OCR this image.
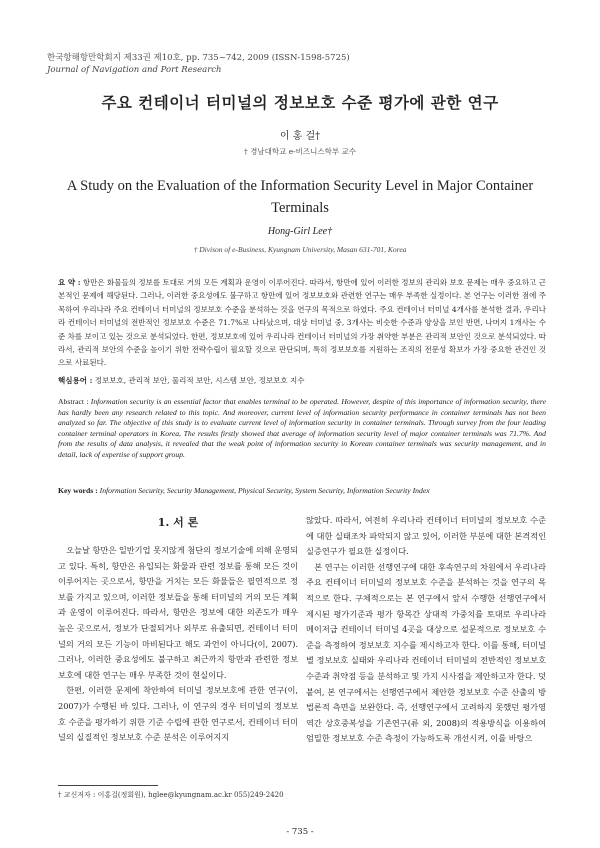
한국항해항만학회지 제33권 제10호, pp. 735~742, 2009 (ISSN-1598-5725)
Journal of Navigation and Port Research
주요 컨테이너 터미널의 정보보호 수준 평가에 관한 연구
이 홍 걸†
† 경남대학교 e-비즈니스학부 교수
A Study on the Evaluation of the Information Security Level in Major Container Terminals
Hong-Girl Lee†
† Divison of e-Business, Kyungnam University, Masan 631-701, Korea
요 약 : 항만은 화물들의 정보를 토대로 거의 모든 계획과 운영이 이루어진다. 따라서, 항만에 있어 이러한 정보의 관리와 보호 문제는 매우 중요하고 근본적인 문제에 해당된다. 그러나, 이러한 중요성에도 불구하고 항만에 있어 정보보호와 관련한 연구는 매우 부족한 실정이다. 본 연구는 이러한 점에 주목하여 우리나라 주요 컨테이너 터미널의 정보보호 수준을 분석하는 것을 연구의 목적으로 하였다. 주요 컨테이너 터미널 4개사를 분석한 결과, 우리나라 컨테이너 터미널의 전반적인 정보보호 수준은 71.7%로 나타났으며, 대상 터미널 중, 3개사는 비슷한 수준과 양상을 보인 반면, 나머지 1개사는 수준 차를 보이고 있는 것으로 분석되었다. 한편, 정보보호에 있어 우리나라 컨테이너 터미널의 가장 취약한 부분은 관리적 보안인 것으로 분석되었다. 따라서, 관리적 보안의 수준을 높이기 위한 전략수립이 필요할 것으로 판단되며, 특히 정보보호를 지원하는 조직의 전문성 확보가 가장 중요한 관건인 것으로 사료된다.
핵심용어 : 정보보호, 관리적 보안, 물리적 보안, 시스템 보안, 정보보호 지수
Abstract : Information security is an essential factor that enables terminal to be operated. However, despite of this importance of information security, there has hardly been any research related to this topic. And moreover, current level of information security performance in container terminals has not been analyzed so far. The objective of this study is to evaluate current level of information security in container terminals. Through survey from the four leading container terminal operators in Korea, The results firstly showed that average of information security level of major container terminals was 71.7%. And from the results of data analysis, it revealed that the weak point of information security in Korean container terminals was security management, and in detail, lack of expertise of support group.
Key words : Information Security, Security Management, Physical Security, System Security, Information Security Index
1. 서 론

오늘날 항만은 일반기업 못지않게 첨단의 정보기술에 의해 운영되고 있다. 특히, 항만은 유입되는 화물과 관련 정보를 통해 모든 것이 이루어지는 곳으로서, 항만을 거치는 모든 화물들은 필연적으로 정보를 가지고 있으며, 이러한 정보들을 통해 터미널의 거의 모든 계획과 운영이 이루어진다. 따라서, 항만은 정보에 대한 의존도가 매우 높은 곳으로서, 정보가 단절되거나 외부로 유출되면, 컨테이너 터미널의 거의 모든 기능이 마비된다고 해도 과언이 아니다(이, 2007). 그러나, 이러한 중요성에도 불구하고 최근까지 항만과 관련한 정보보호에 대한 연구는 매우 부족한 것이 현실이다.

한편, 이러한 문제에 착안하여 터미널 정보보호에 관한 연구(이, 2007)가 수행된 바 있다. 그러나, 이 연구의 경우 터미널의 정보보호 수준을 평가하기 위한 기준 수립에 관한 연구로서, 컨테이너 터미널의 실질적인 정보보호 수준 분석은 이루어지지

않았다. 따라서, 여전히 우리나라 컨테이너 터미널의 정보보호 수준에 대한 실태조차 파악되지 않고 있어, 이러한 부분에 대한 본격적인 실증연구가 필요한 실정이다.

본 연구는 이러한 선행연구에 대한 후속연구의 차원에서 우리나라 주요 컨테이너 터미널의 정보보호 수준을 분석하는 것을 연구의 목적으로 한다. 구체적으로는 본 연구에서 앞서 수행한 선행연구에서 제시된 평가기준과 평가 항목간 상대적 가중치를 토대로 우리나라 메이저급 컨테이너 터미널 4곳을 대상으로 설문적으로 정보보호 수준을 측정하여 정보보호 지수를 제시하고자 한다. 이를 통해, 터미널별 정보보호 실태와 우리나라 컨테이너 터미널의 전반적인 정보보호 수준과 취약점 등을 분석하고 및 가지 시사점을 제안하고자 한다. 덧붙여, 본 연구에서는 선행연구에서 제안한 정보보호 수준 산출의 방법론적 측면을 보완한다. 즉, 선행연구에서 고려하지 못했던 평가영역간 상호중복성을 기존연구(류 외, 2008)의 적용방식을 이용하여 엄밀한 정보보호 수준 측정이 가능하도록 개선시켜, 이를 바탕으

† 교신저자 : 이홍걸(정회원), hglee@kyungnam.ac.kr 055)249-2420
- 735 -
